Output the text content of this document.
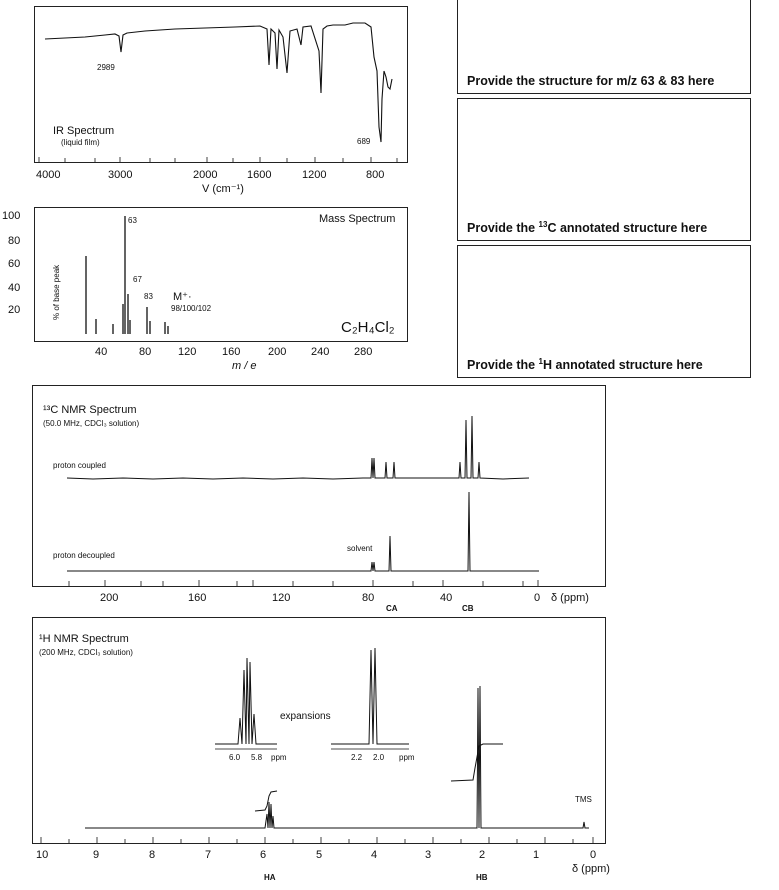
2989
689
IR Spectrum
(liquid film)
4000	3000	2000	1600	1200	800
V (cm⁻¹)
63
67
83 M⁺·
98/100/102
Mass Spectrum
C₂H₄Cl₂
% of base peak
100
80
60
40
20
40	80 120 160	200 240 280
m / e
Provide the structure for m/z 63 & 83 here
Provide the $^{13}$C annotated structure here
Provide the $^1$H annotated structure here
¹³C NMR Spectrum
(50.0 MHz, CDCl₃ solution)
proton coupled
solvent
proton decoupled
200	160	120	80	40	0 δ (ppm)
CA	CB
¹H NMR Spectrum
(200 MHz, CDCl₃ solution)
expansions
6.0 5.8 ppm	2.2 2.0 ppm
TMS
10	9	8	7	6	5	4	3	2	1	0
δ (ppm)
HA	HB
